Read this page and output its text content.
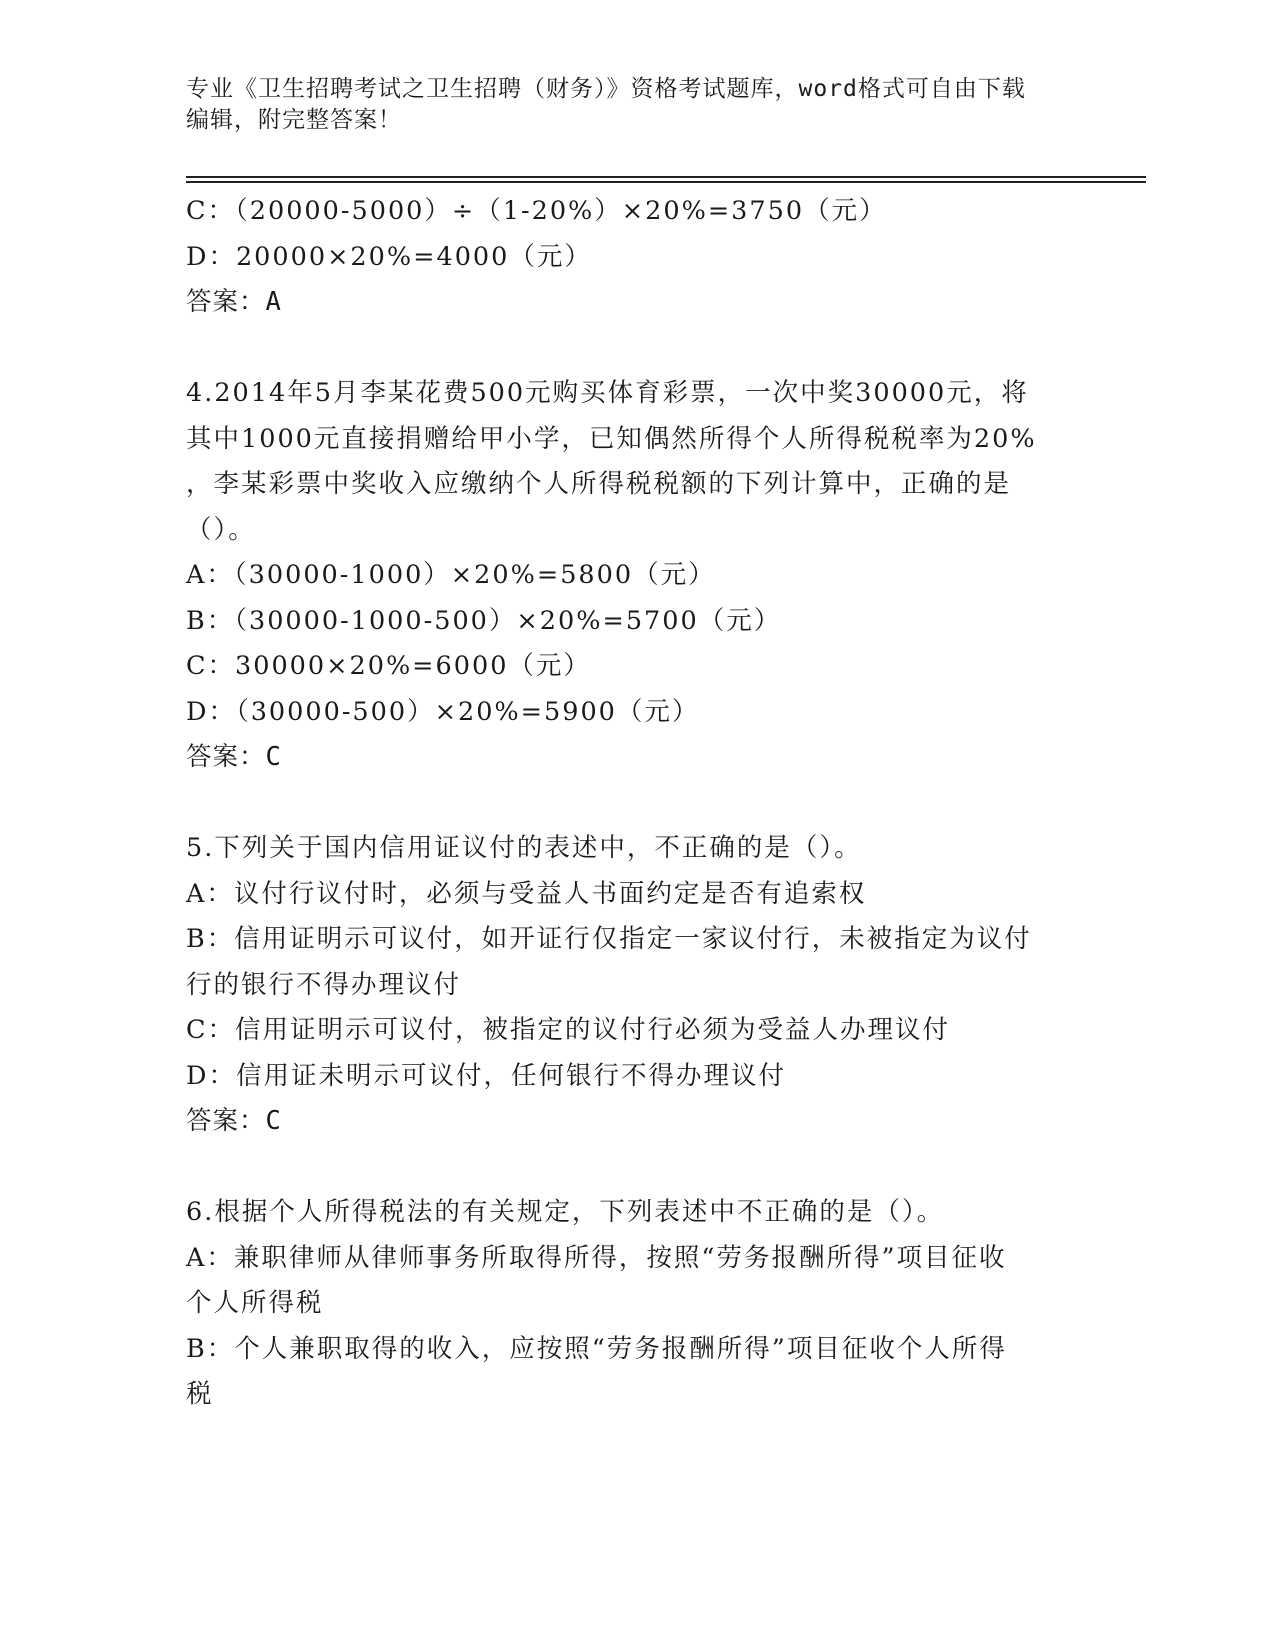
专业《卫生招聘考试之卫生招聘（财务）》资格考试题库，word格式可自由下载
编辑，附完整答案！
C：（20000-5000）÷（1-20%）×20%=3750（元）
D：20000×20%=4000（元）
答案：A
4.2014年5月李某花费500元购买体育彩票，一次中奖30000元，将
其中1000元直接捐赠给甲小学，已知偶然所得个人所得税税率为20%
，李某彩票中奖收入应缴纳个人所得税税额的下列计算中，正确的是
（）。
A：（30000-1000）×20%=5800（元）
B：（30000-1000-500）×20%=5700（元）
C：30000×20%=6000（元）
D：（30000-500）×20%=5900（元）
答案：C
5.下列关于国内信用证议付的表述中，不正确的是（）。
A：议付行议付时，必须与受益人书面约定是否有追索权
B：信用证明示可议付，如开证行仅指定一家议付行，未被指定为议付
行的银行不得办理议付
C：信用证明示可议付，被指定的议付行必须为受益人办理议付
D：信用证未明示可议付，任何银行不得办理议付
答案：C
6.根据个人所得税法的有关规定，下列表述中不正确的是（）。
A：兼职律师从律师事务所取得所得，按照“劳务报酬所得”项目征收
个人所得税
B：个人兼职取得的收入，应按照“劳务报酬所得”项目征收个人所得
税
